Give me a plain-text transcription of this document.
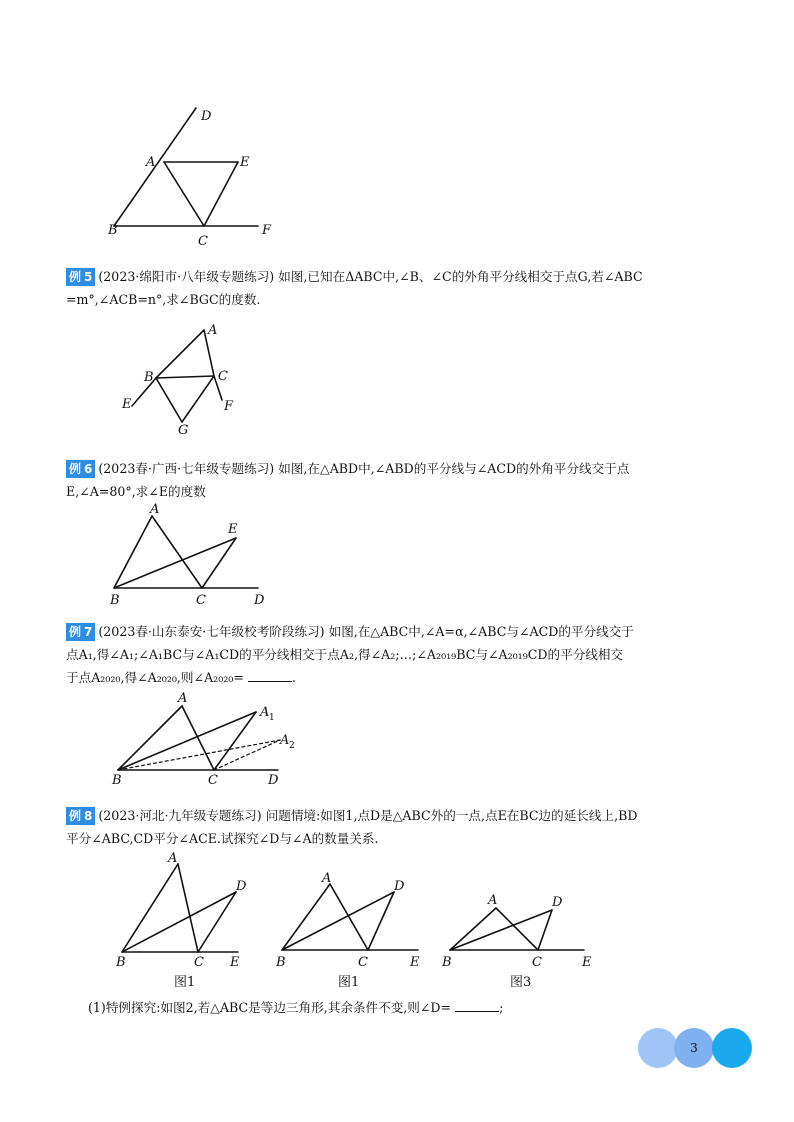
D
A	E
B
C
F
例 5 (2023·绵阳市·八年级专题练习) 如图,已知在ΔABC中,∠B、∠C的外角平分线相交于点G,若∠ABC
=m°,∠ACB=n°,求∠BGC的度数.
A
B	C
E	F
G
例 6 (2023春·广西·七年级专题练习) 如图,在△ABD中,∠ABD的平分线与∠ACD的外角平分线交于点
E,∠A=80°,求∠E的度数
A
E
B	C	D
例 7 (2023春·山东泰安·七年级校考阶段练习) 如图,在△ABC中,∠A=α,∠ABC与∠ACD的平分线交于
点A₁,得∠A₁;∠A₁BC与∠A₁CD的平分线相交于点A₂,得∠A₂;…;∠A₂₀₁₉BC与∠A₂₀₁₉CD的平分线相交
于点A₂₀₂₀,得∠A₂₀₂₀,则∠A₂₀₂₀=	.
A
A 1
A 2
B	C	D
例 8 (2023·河北·九年级专题练习) 问题情境:如图1,点D是△ABC外的一点,点E在BC边的延长线上,BD
平分∠ABC,CD平分∠ACE.试探究∠D与∠A的数量关系.
A
D
B	C E
图1
A
D
B	C	E
图1
A	D
B	C	E
图3
(1)特例探究:如图2,若△ABC是等边三角形,其余条件不变,则∠D=	;
3
